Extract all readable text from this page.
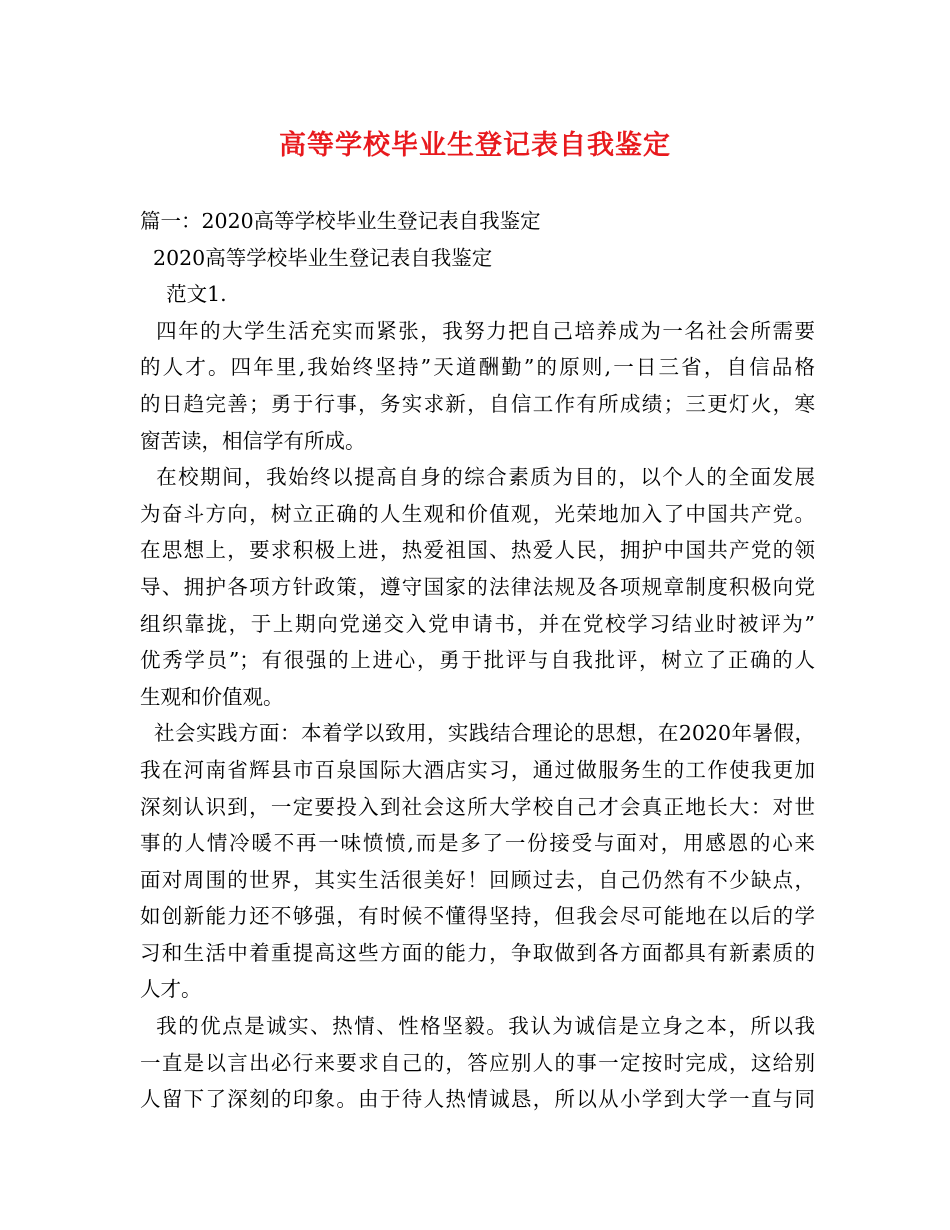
高等学校毕业生登记表自我鉴定
篇一：2020高等学校毕业生登记表自我鉴定
2020高等学校毕业生登记表自我鉴定
范文1.
四年的大学生活充实而紧张，我努力把自己培养成为一名社会所需要
的人才。四年里,我始终坚持”天道酬勤”的原则,一日三省，自信品格
的日趋完善；勇于行事，务实求新，自信工作有所成绩；三更灯火，寒
窗苦读，相信学有所成。
在校期间，我始终以提高自身的综合素质为目的，以个人的全面发展
为奋斗方向，树立正确的人生观和价值观，光荣地加入了中国共产党。
在思想上，要求积极上进，热爱祖国、热爱人民，拥护中国共产党的领
导、拥护各项方针政策，遵守国家的法律法规及各项规章制度积极向党
组织靠拢，于上期向党递交入党申请书，并在党校学习结业时被评为”
优秀学员”；有很强的上进心，勇于批评与自我批评，树立了正确的人
生观和价值观。
社会实践方面：本着学以致用，实践结合理论的思想，在2020年暑假，
我在河南省辉县市百泉国际大酒店实习，通过做服务生的工作使我更加
深刻认识到，一定要投入到社会这所大学校自己才会真正地长大：对世
事的人情冷暖不再一味愤愤,而是多了一份接受与面对，用感恩的心来
面对周围的世界，其实生活很美好！回顾过去，自己仍然有不少缺点，
如创新能力还不够强，有时候不懂得坚持，但我会尽可能地在以后的学
习和生活中着重提高这些方面的能力，争取做到各方面都具有新素质的
人才。
我的优点是诚实、热情、性格坚毅。我认为诚信是立身之本，所以我
一直是以言出必行来要求自己的，答应别人的事一定按时完成，这给别
人留下了深刻的印象。由于待人热情诚恳，所以从小学到大学一直与同
